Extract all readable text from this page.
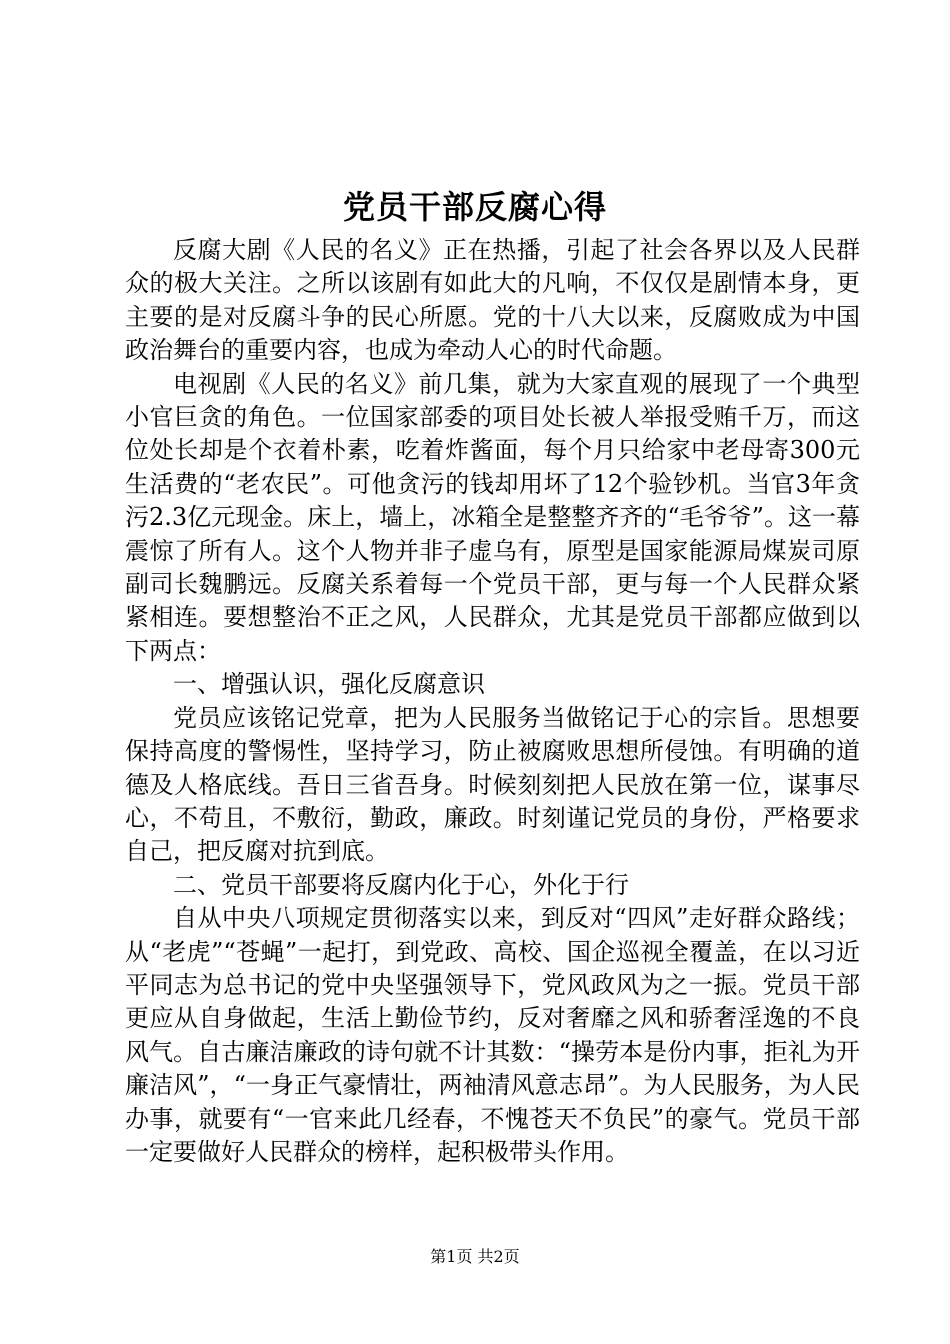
党员干部反腐心得

反腐大剧《人民的名义》正在热播，引起了社会各界以及人民群众的极大关注。之所以该剧有如此大的凡响，不仅仅是剧情本身，更主要的是对反腐斗争的民心所愿。党的十八大以来，反腐败成为中国政治舞台的重要内容，也成为牵动人心的时代命题。

电视剧《人民的名义》前几集，就为大家直观的展现了一个典型小官巨贪的角色。一位国家部委的项目处长被人举报受贿千万，而这位处长却是个衣着朴素，吃着炸酱面，每个月只给家中老母寄300元生活费的“老农民”。可他贪污的钱却用坏了12个验钞机。当官3年贪污2.3亿元现金。床上，墙上，冰箱全是整整齐齐的“毛爷爷”。这一幕震惊了所有人。这个人物并非子虚乌有，原型是国家能源局煤炭司原副司长魏鹏远。反腐关系着每一个党员干部，更与每一个人民群众紧紧相连。要想整治不正之风，人民群众，尤其是党员干部都应做到以下两点：

一、增强认识，强化反腐意识

党员应该铭记党章，把为人民服务当做铭记于心的宗旨。思想要保持高度的警惕性，坚持学习，防止被腐败思想所侵蚀。有明确的道德及人格底线。吾日三省吾身。时候刻刻把人民放在第一位，谋事尽心，不苟且，不敷衍，勤政，廉政。时刻谨记党员的身份，严格要求自己，把反腐对抗到底。

二、党员干部要将反腐内化于心，外化于行

自从中央八项规定贯彻落实以来，到反对“四风”走好群众路线；从“老虎”“苍蝇”一起打，到党政、高校、国企巡视全覆盖，在以习近平同志为总书记的党中央坚强领导下，党风政风为之一振。党员干部更应从自身做起，生活上勤俭节约，反对奢靡之风和骄奢淫逸的不良风气。自古廉洁廉政的诗句就不计其数：“操劳本是份内事，拒礼为开廉洁风”，“一身正气豪情壮，两袖清风意志昂”。为人民服务，为人民办事，就要有“一官来此几经春，不愧苍天不负民”的豪气。党员干部一定要做好人民群众的榜样，起积极带头作用。

第1页 共2页
